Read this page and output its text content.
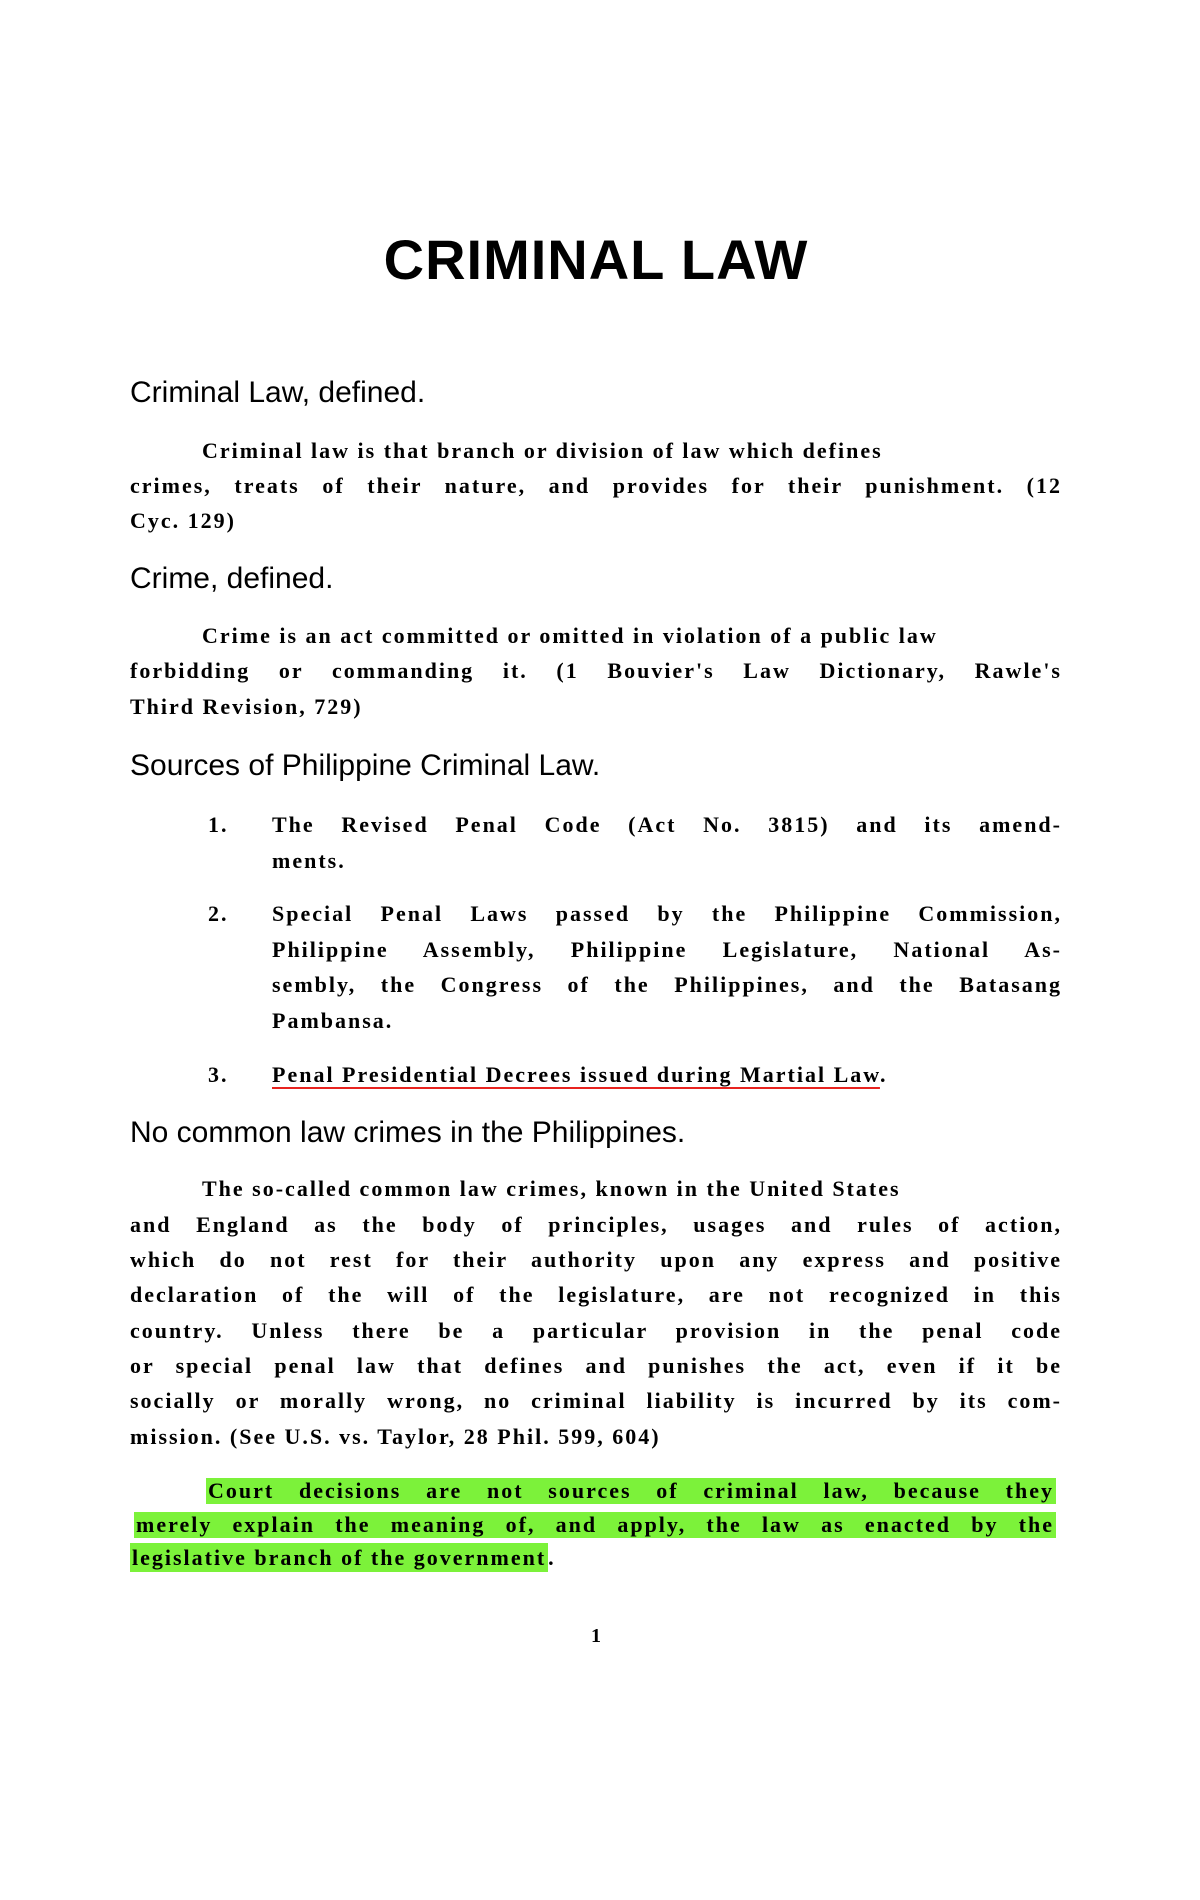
CRIMINAL LAW
Criminal Law, defined.
Criminal law is that branch or division of law which defines
crimes, treats of their nature, and provides for their punishment. (12
Cyc. 129)
Crime, defined.
Crime is an act committed or omitted in violation of a public law
forbidding or commanding it. (1 Bouvier's Law Dictionary, Rawle's
Third Revision, 729)
Sources of Philippine Criminal Law.
1. The Revised Penal Code (Act No. 3815) and its amend-
ments.
2. Special Penal Laws passed by the Philippine Commission,
Philippine Assembly, Philippine Legislature, National As-
sembly, the Congress of the Philippines, and the Batasang
Pambansa.
3. Penal Presidential Decrees issued during Martial Law.
No common law crimes in the Philippines.
The so-called common law crimes, known in the United States
and England as the body of principles, usages and rules of action,
which do not rest for their authority upon any express and positive
declaration of the will of the legislature, are not recognized in this
country. Unless there be a particular provision in the penal code
or special penal law that defines and punishes the act, even if it be
socially or morally wrong, no criminal liability is incurred by its com-
mission. (See U.S. vs. Taylor, 28 Phil. 599, 604)
Court decisions are not sources of criminal law, because they
merely explain the meaning of, and apply, the law as enacted by the
legislative branch of the government.
1
